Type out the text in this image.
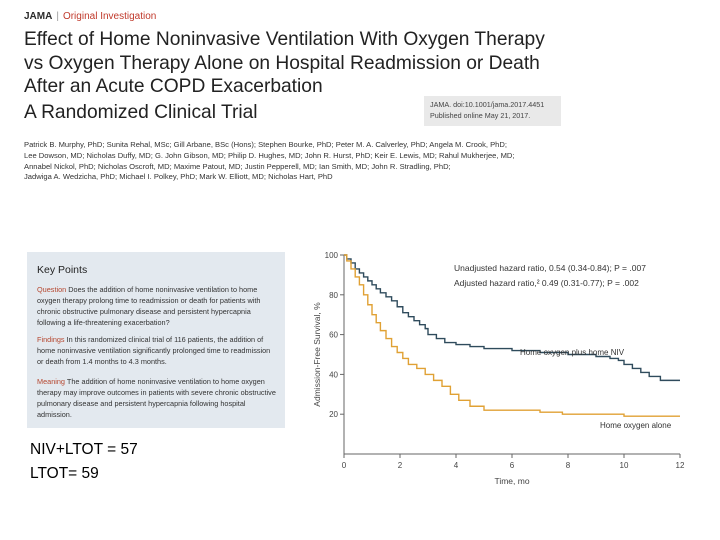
JAMA | Original Investigation
Effect of Home Noninvasive Ventilation With Oxygen Therapy
vs Oxygen Therapy Alone on Hospital Readmission or Death
After an Acute COPD Exacerbation
A Randomized Clinical Trial	JAMA. doi:10.1001/jama.2017.4451
Published online May 21, 2017.
Patrick B. Murphy, PhD; Sunita Rehal, MSc; Gill Arbane, BSc (Hons); Stephen Bourke, PhD; Peter M. A. Calverley, PhD; Angela M. Crook, PhD;
Lee Dowson, MD; Nicholas Duffy, MD; G. John Gibson, MD; Philip D. Hughes, MD; John R. Hurst, PhD; Keir E. Lewis, MD; Rahul Mukherjee, MD;
Annabel Nickol, PhD; Nicholas Oscroft, MD; Maxime Patout, MD; Justin Pepperell, MD; Ian Smith, MD; John R. Stradling, PhD;
Jadwiga A. Wedzicha, PhD; Michael I. Polkey, PhD; Mark W. Elliott, MD; Nicholas Hart, PhD
Key Points
Question Does the addition of home noninvasive ventilation to home oxygen therapy prolong time to readmission or death for patients with chronic obstructive pulmonary disease and persistent hypercapnia following a life-threatening exacerbation?
Findings In this randomized clinical trial of 116 patients, the addition of home noninvasive ventilation significantly prolonged time to readmission or death from 1.4 months to 4.3 months.
Meaning The addition of home noninvasive ventilation to home oxygen therapy may improve outcomes in patients with severe chronic obstructive pulmonary disease and persistent hypercapnia following hospital admission.
NIV+LTOT = 57
LTOT= 59
20
40
60
80
100
0	2	4	6	8	10	12
Time, mo
Admission-Free Survival, %
Unadjusted hazard ratio, 0.54 (0.34-0.84); P = .007
Adjusted hazard ratio,² 0.49 (0.31-0.77); P = .002
Home oxygen plus home NIV
Home oxygen alone
